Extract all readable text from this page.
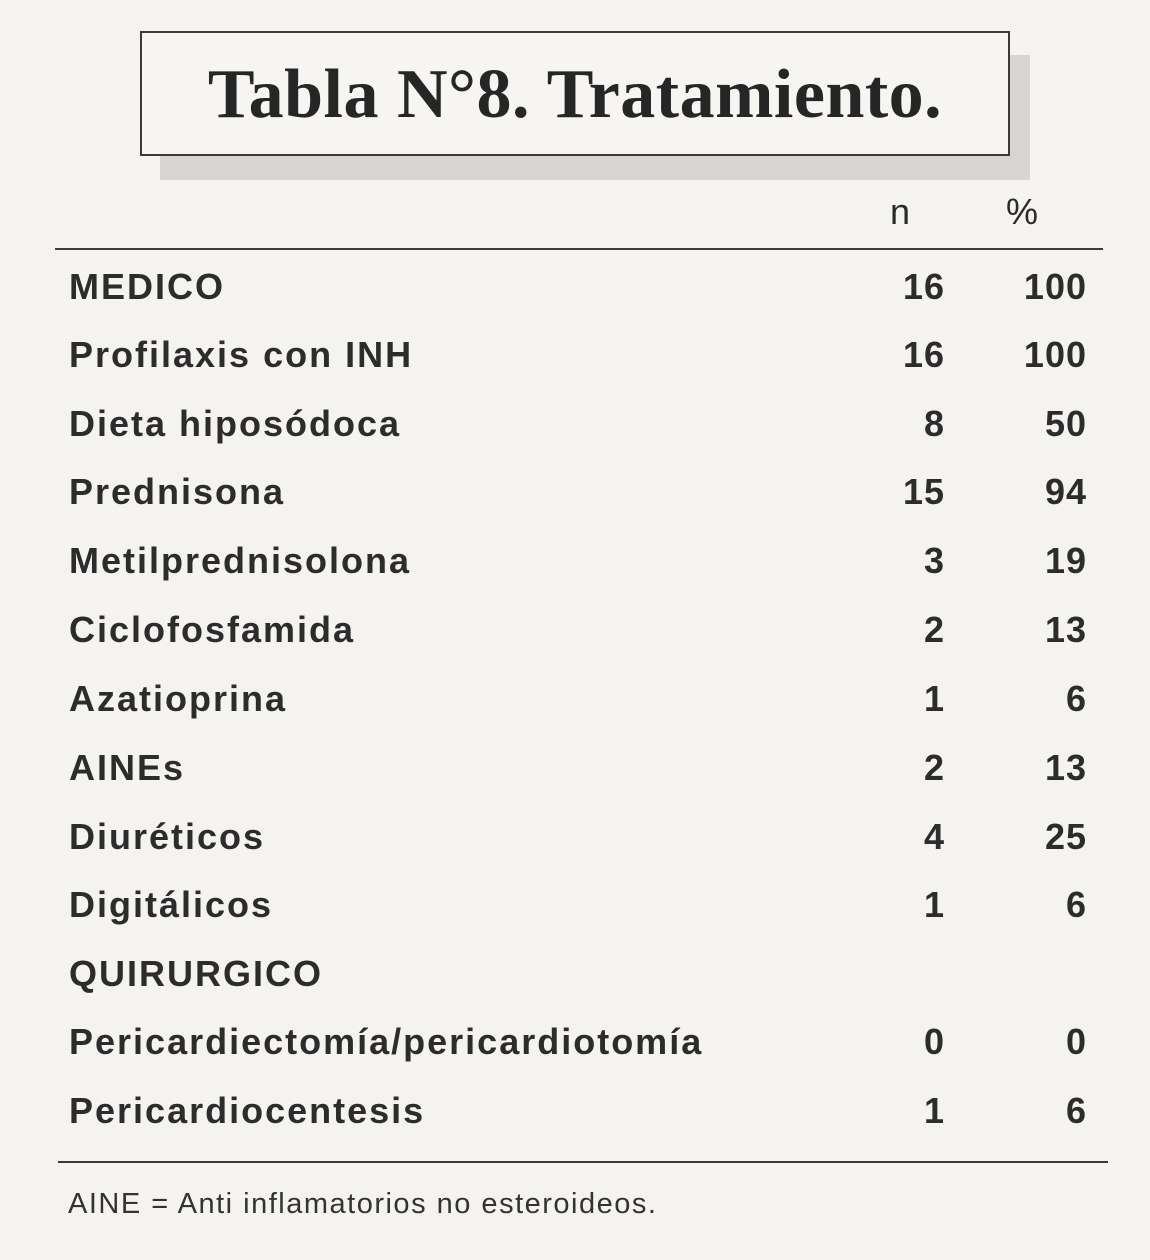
Tabla N°8. Tratamiento.
n	%
MEDICO	16 100
Profilaxis con INH	16 100
Dieta hiposódoca	8	50
Prednisona	15	94
Metilprednisolona	3	19
Ciclofosfamida	2	13
Azatioprina	1	6
AINEs	2	13
Diuréticos	4	25
Digitálicos	1	6
QUIRURGICO
Pericardiectomía/pericardiotomía	0	0
Pericardiocentesis	1	6
AINE = Anti inflamatorios no esteroideos.
